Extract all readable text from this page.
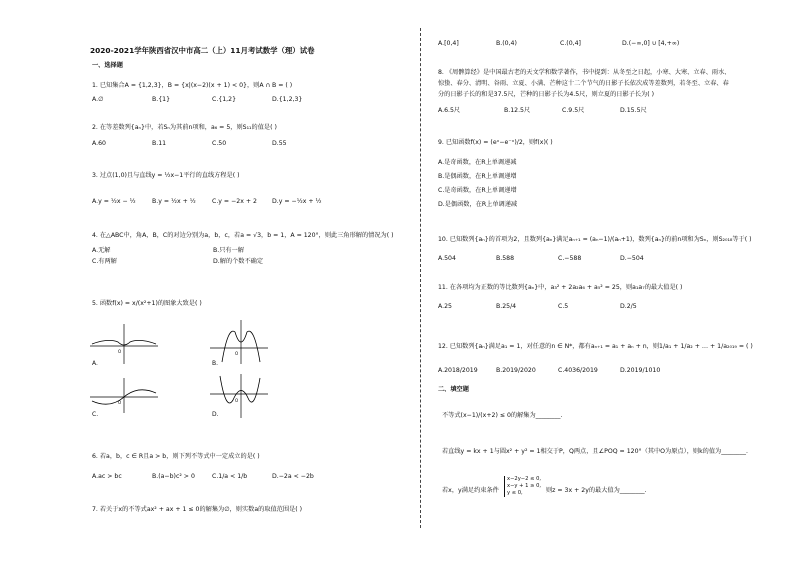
2020-2021学年陕西省汉中市高二（上）11月考试数学（理）试卷
一、选择题
1. 已知集合A = {1,2,3}，B = {x|(x−2)(x + 1) < 0}，则A ∩ B = ( )
A.∅	B.{1}	C.{1,2}	D.{1,2,3}
2. 在等差数列{aₙ}中，若Sₙ为其前n项和，a₆ = 5，则S₁₁的值是( )
A.60	B.11	C.50	D.55
3. 过点(1,0)且与直线y = ½x−1平行的直线方程是( )
A.y = ½x − ½	B.y = ½x + ½	C.y = −2x + 2 D.y = −½x + ½
4. 在△ABC中，角A，B，C的对边分别为a，b，c，若a = √3，b = 1，A = 120°，则此三角形解的情况为( )
A.无解	B.只有一解
C.有两解	D.解的个数不确定
5. 函数f(x) = x/(x²+1)的图象大致是( )
O
A.
O
B.
O
C.
O
D.
6. 若a，b，c ∈ R且a > b，则下列不等式中一定成立的是( )
A.ac > bc	B.(a−b)c² > 0	C.1/a < 1/b	D.−2a < −2b
7. 若关于x的不等式ax² + ax + 1 ≤ 0的解集为∅，则实数a的取值范围是( )
A.[0,4]	B.(0,4)	C.(0,4]	D.(−∞,0] ∪ [4,+∞)
8. 《周髀算经》是中国最古老的天文学和数学著作，书中提到：从冬至之日起，小寒、大寒、立春、雨水、
惊蛰、春分、清明、谷雨、立夏、小满、芒种这十二个节气的日影子长依次成等差数列，若冬至、立春、春
分的日影子长的和是37.5尺，芒种的日影子长为4.5尺，则立夏的日影子长为( )
A.6.5尺	B.12.5尺	C.9.5尺	D.15.5尺
9. 已知函数f(x) = (eˣ−e⁻ˣ)/2，则f(x)( )
A.是奇函数，在R上单调递减
B.是偶函数，在R上单调递增
C.是奇函数，在R上单调递增
D.是偶函数，在R上单调递减
10. 已知数列{aₙ}的首项为2，且数列{aₙ}满足aₙ₊₁ = (aₙ−1)/(aₙ+1)，数列{aₙ}的前n项和为Sₙ，则S₂₀₁₈等于( )
A.504	B.588	C.−588	D.−504
11. 在各项均为正数的等比数列{aₙ}中，a₃² + 2a₂a₆ + a₅² = 25，则a₁a₇的最大值是( )
A.25	B.25/4	C.5	D.2/5
12. 已知数列{aₙ}满足a₁ = 1，对任意的n ∈ N*，都有aₙ₊₁ = a₁ + aₙ + n，则1/a₁ + 1/a₂ + … + 1/a₂₀₁₉ = ( )
A.2018/2019	B.2019/2020	C.4036/2019	D.2019/1010
二、填空题
不等式(x−1)/(x+2) ≤ 0的解集为________.
若直线y = kx + 1与圆x² + y² = 1相交于P，Q两点，且∠POQ = 120°（其中O为原点），则k的值为________.
若x，y满足约束条件
x−2y−2 ≤ 0,
x−y + 1 ≥ 0,
y ≤ 0,	则z = 3x + 2y的最大值为________.
